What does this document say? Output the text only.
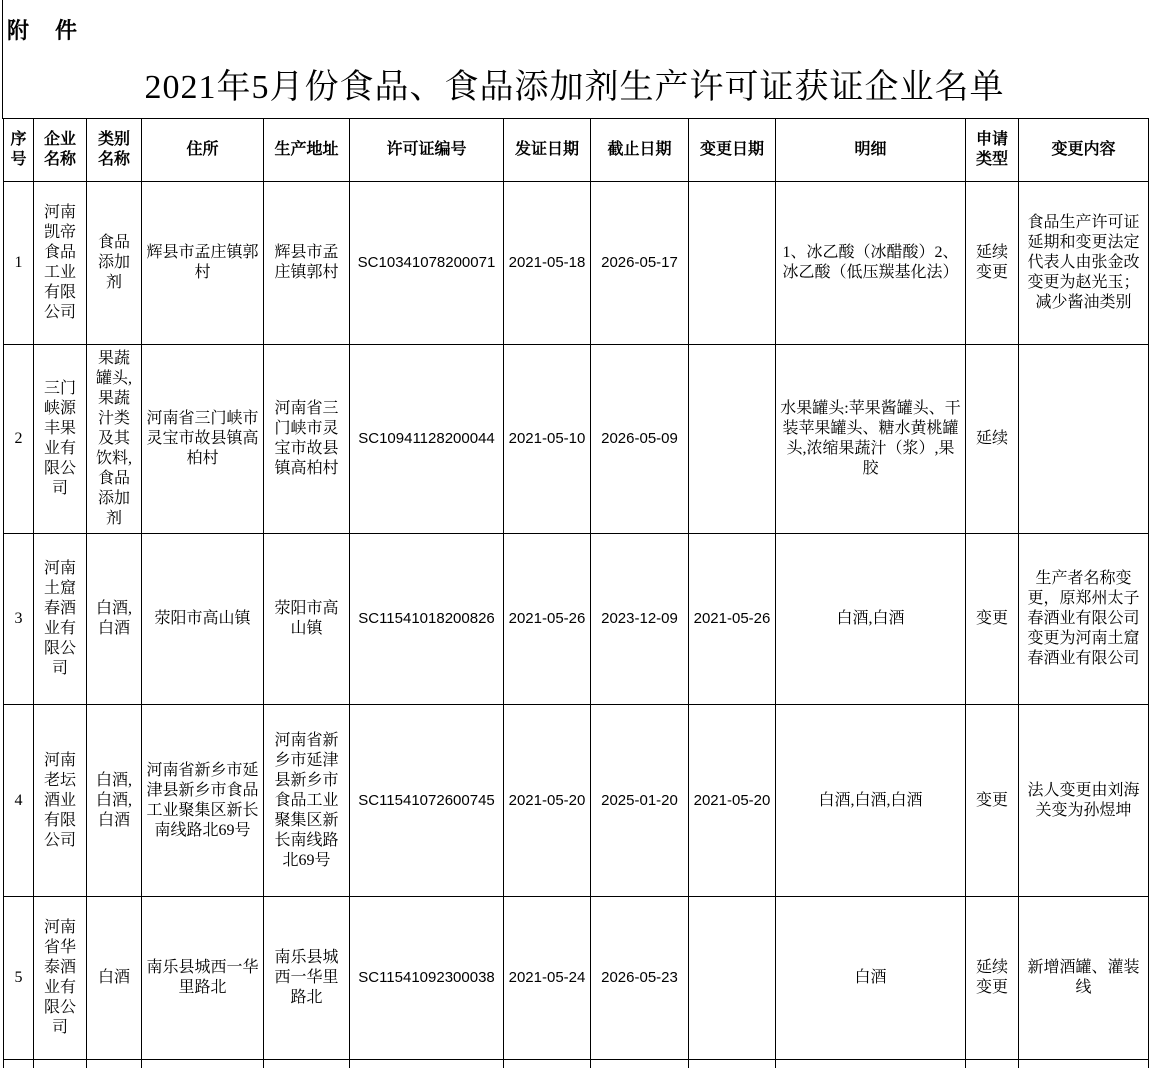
附　件
2021年5月份食品、食品添加剂生产许可证获证企业名单
序号	企业名称	类别名称	住所	生产地址	许可证编号	发证日期	截止日期	变更日期	明细	申请类型	变更内容
1	河南凯帝食品工业有限公司	食品添加剂	辉县市孟庄镇郭村	辉县市孟庄镇郭村	SC10341078200071	2021-05-18	2026-05-17		1、冰乙酸（冰醋酸）2、冰乙酸（低压羰基化法）	延续变更	食品生产许可证延期和变更法定代表人由张金改变更为赵光玉；减少酱油类别
2	三门峡源丰果业有限公司	果蔬罐头,果蔬汁类及其饮料,食品添加剂	河南省三门峡市灵宝市故县镇高柏村	河南省三门峡市灵宝市故县镇高柏村	SC10941128200044	2021-05-10	2026-05-09		水果罐头:苹果酱罐头、干装苹果罐头、糖水黄桃罐头,浓缩果蔬汁（浆）,果胶	延续	
3	河南土窟春酒业有限公司	白酒,白酒	荥阳市高山镇	荥阳市高山镇	SC11541018200826	2021-05-26	2023-12-09	2021-05-26	白酒,白酒	变更	生产者名称变更，原郑州太子春酒业有限公司变更为河南土窟春酒业有限公司
4	河南老坛酒业有限公司	白酒,白酒,白酒	河南省新乡市延津县新乡市食品工业聚集区新长南线路北69号	河南省新乡市延津县新乡市食品工业聚集区新长南线路北69号	SC11541072600745	2021-05-20	2025-01-20	2021-05-20	白酒,白酒,白酒	变更	法人变更由刘海关变为孙煜坤
5	河南省华泰酒业有限公司	白酒	南乐县城西一华里路北	南乐县城西一华里路北	SC11541092300038	2021-05-24	2026-05-23		白酒	延续变更	新增酒罐、灌装线
